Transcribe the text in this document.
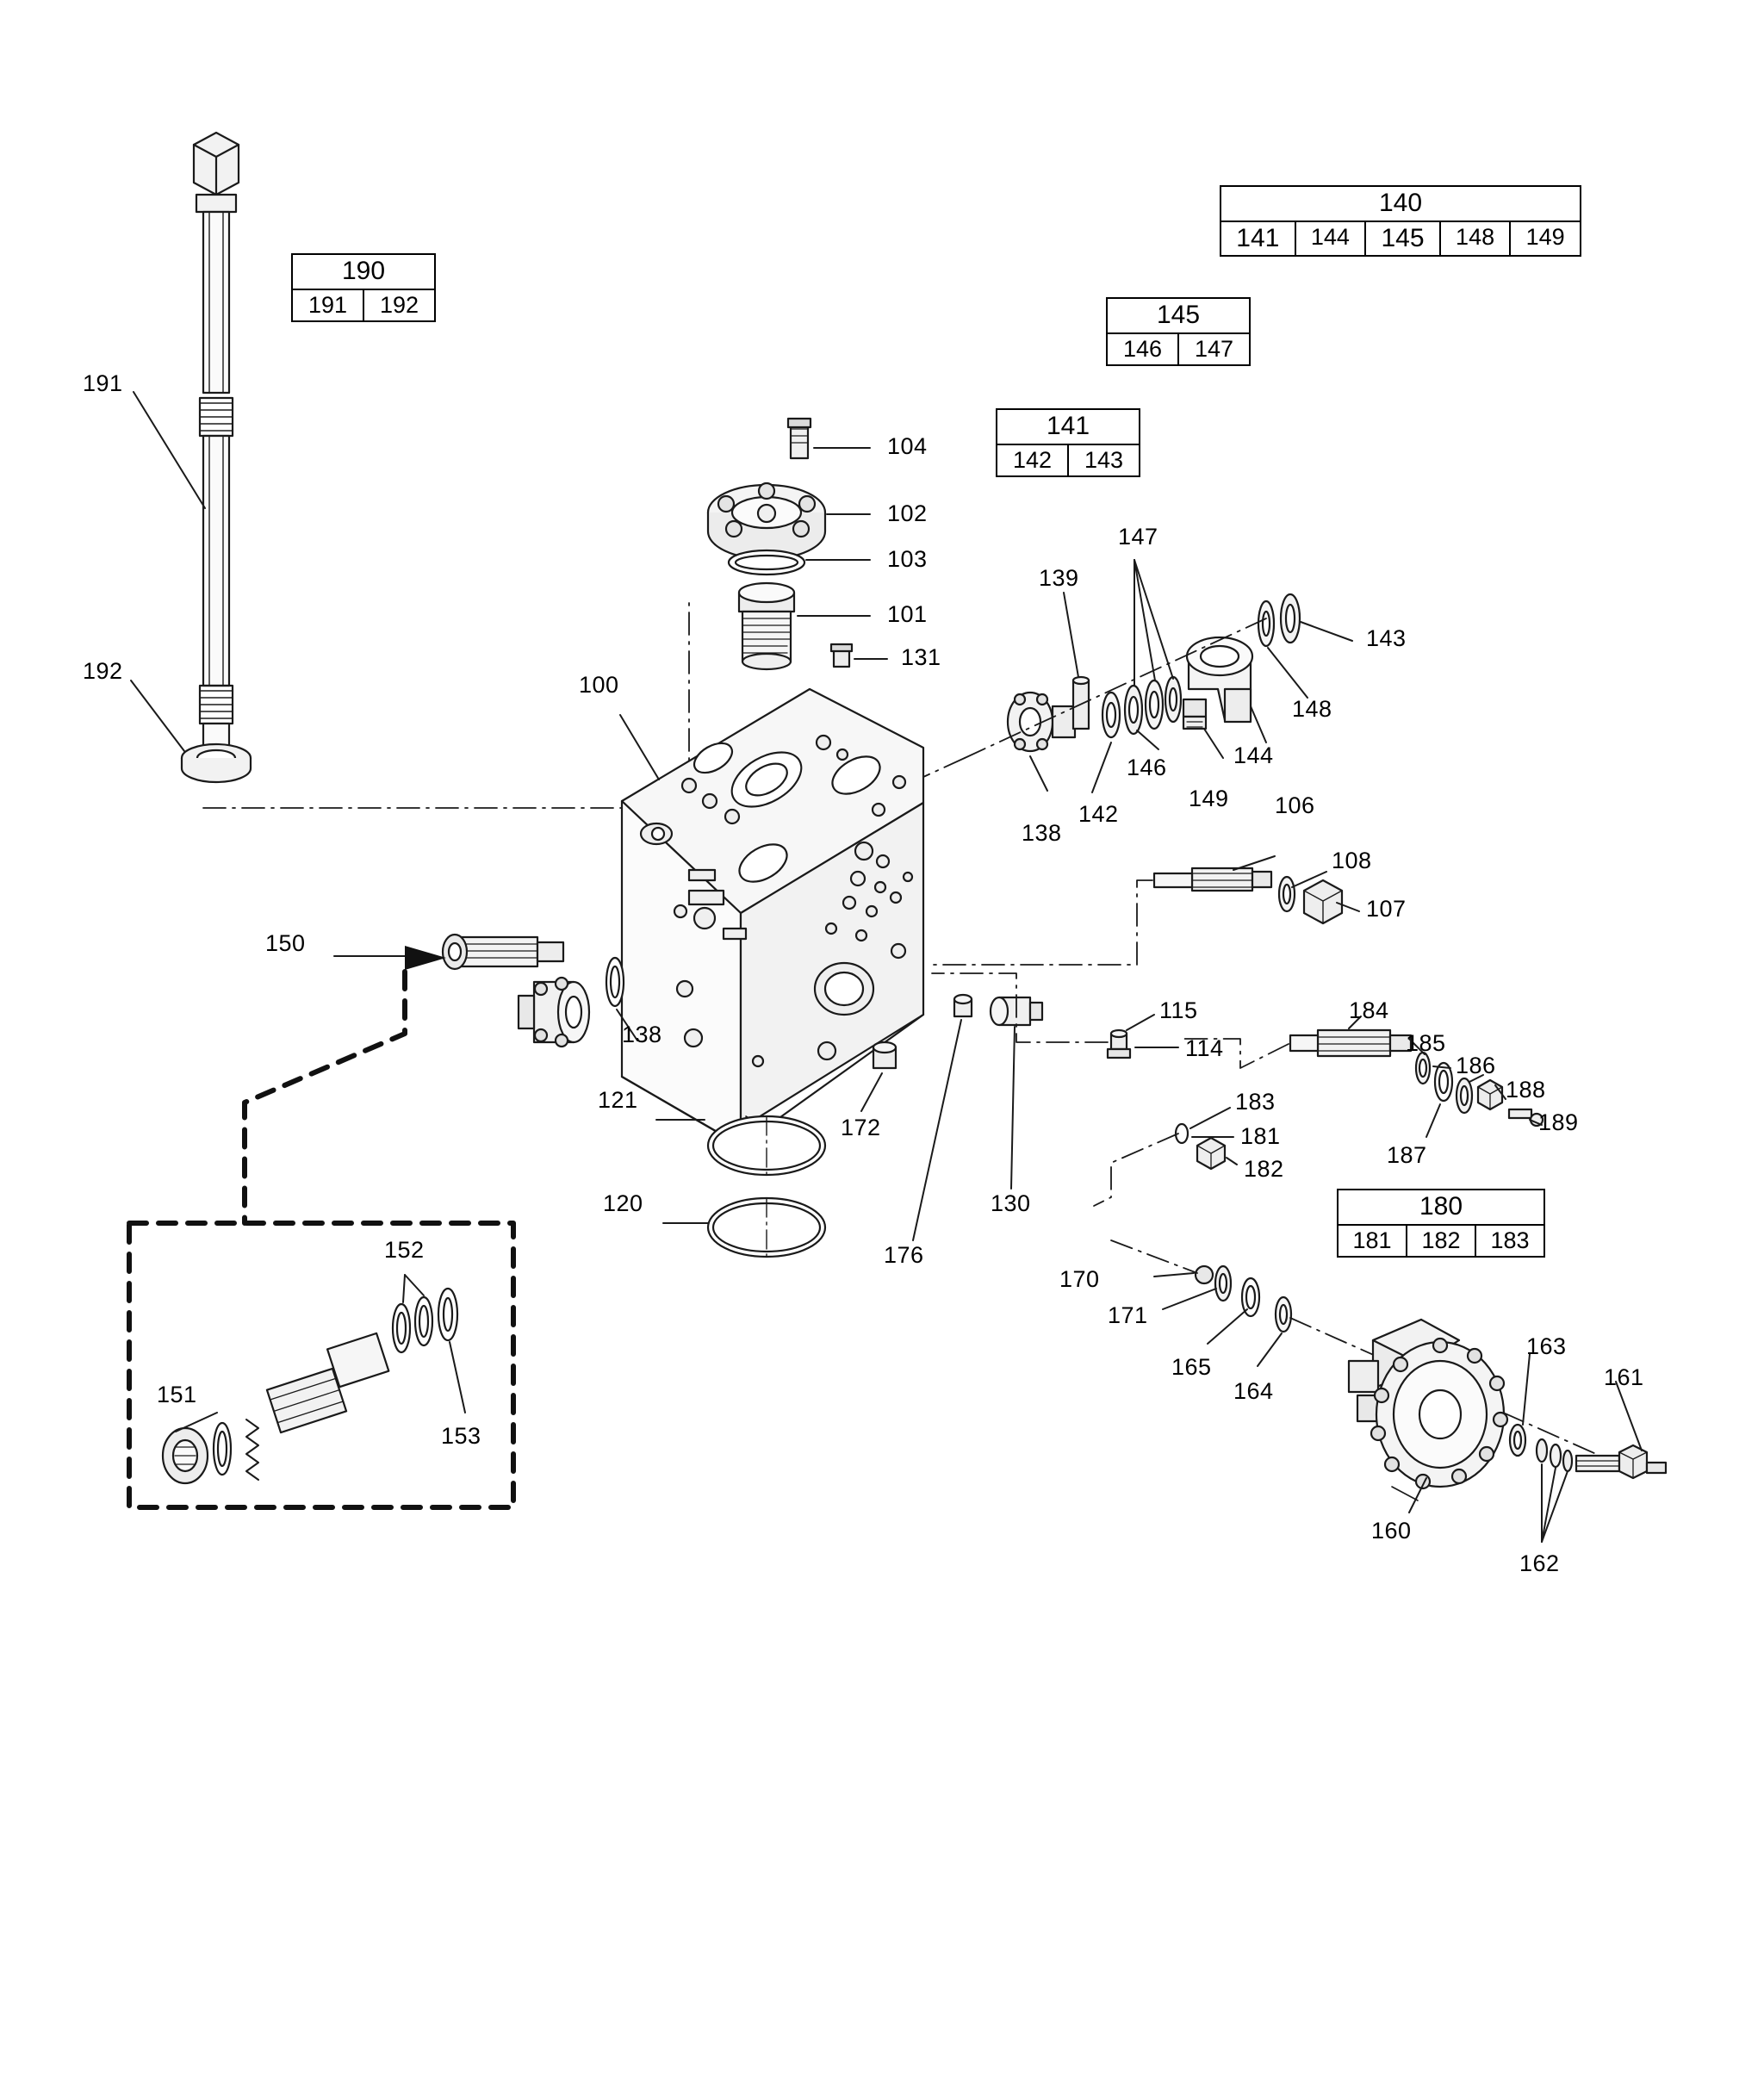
140
141	144	145	148	149
145
146	147
141
142	143
190
191	192
180
181	182	183
191
192
104
102
103
101
131
100
139
147
143
148
144
146
149
142
138
106
108
107
150
138
121
120
172
176
130
115
114
183
181
182
184
185
186
187
188
189
170
171
165
164
160
163
161
162
151
152
153
